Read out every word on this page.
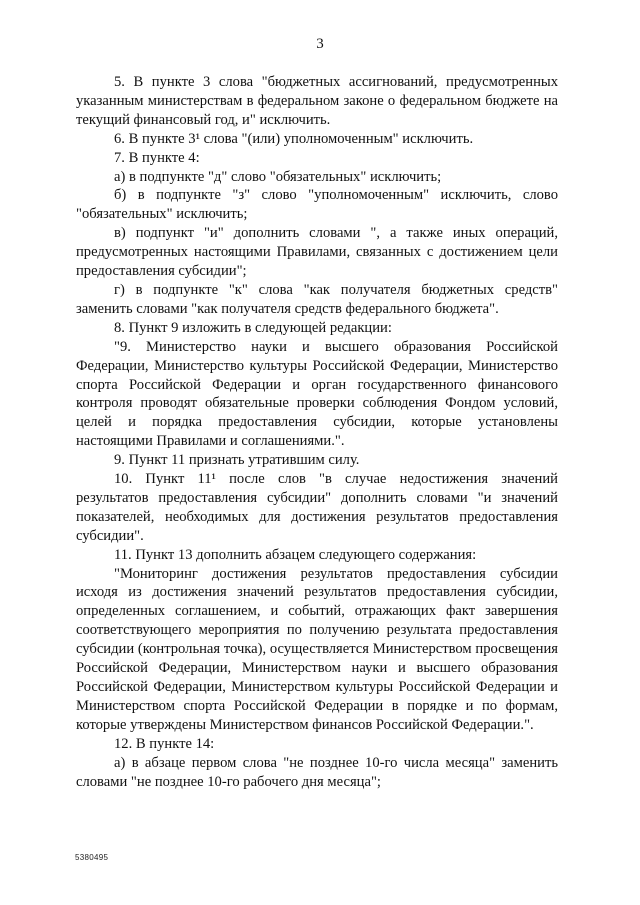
3

5. В пункте 3 слова "бюджетных ассигнований, предусмотренных указанным министерствам в федеральном законе о федеральном бюджете на текущий финансовый год, и" исключить.

6. В пункте 3¹ слова "(или) уполномоченным" исключить.

7. В пункте 4:

а) в подпункте "д" слово "обязательных" исключить;

б) в подпункте "з" слово "уполномоченным" исключить, слово "обязательных" исключить;

в) подпункт "и" дополнить словами ", а также иных операций, предусмотренных настоящими Правилами, связанных с достижением цели предоставления субсидии";

г) в подпункте "к" слова "как получателя бюджетных средств" заменить словами "как получателя средств федерального бюджета".

8. Пункт 9 изложить в следующей редакции:

"9. Министерство науки и высшего образования Российской Федерации, Министерство культуры Российской Федерации, Министерство спорта Российской Федерации и орган государственного финансового контроля проводят обязательные проверки соблюдения Фондом условий, целей и порядка предоставления субсидии, которые установлены настоящими Правилами и соглашениями.".

9. Пункт 11 признать утратившим силу.

10. Пункт 11¹ после слов "в случае недостижения значений результатов предоставления субсидии" дополнить словами "и значений показателей, необходимых для достижения результатов предоставления субсидии".

11. Пункт 13 дополнить абзацем следующего содержания:

"Мониторинг достижения результатов предоставления субсидии исходя из достижения значений результатов предоставления субсидии, определенных соглашением, и событий, отражающих факт завершения соответствующего мероприятия по получению результата предоставления субсидии (контрольная точка), осуществляется Министерством просвещения Российской Федерации, Министерством науки и высшего образования Российской Федерации, Министерством культуры Российской Федерации и Министерством спорта Российской Федерации в порядке и по формам, которые утверждены Министерством финансов Российской Федерации.".

12. В пункте 14:

а) в абзаце первом слова "не позднее 10-го числа месяца" заменить словами "не позднее 10-го рабочего дня месяца";

5380495
